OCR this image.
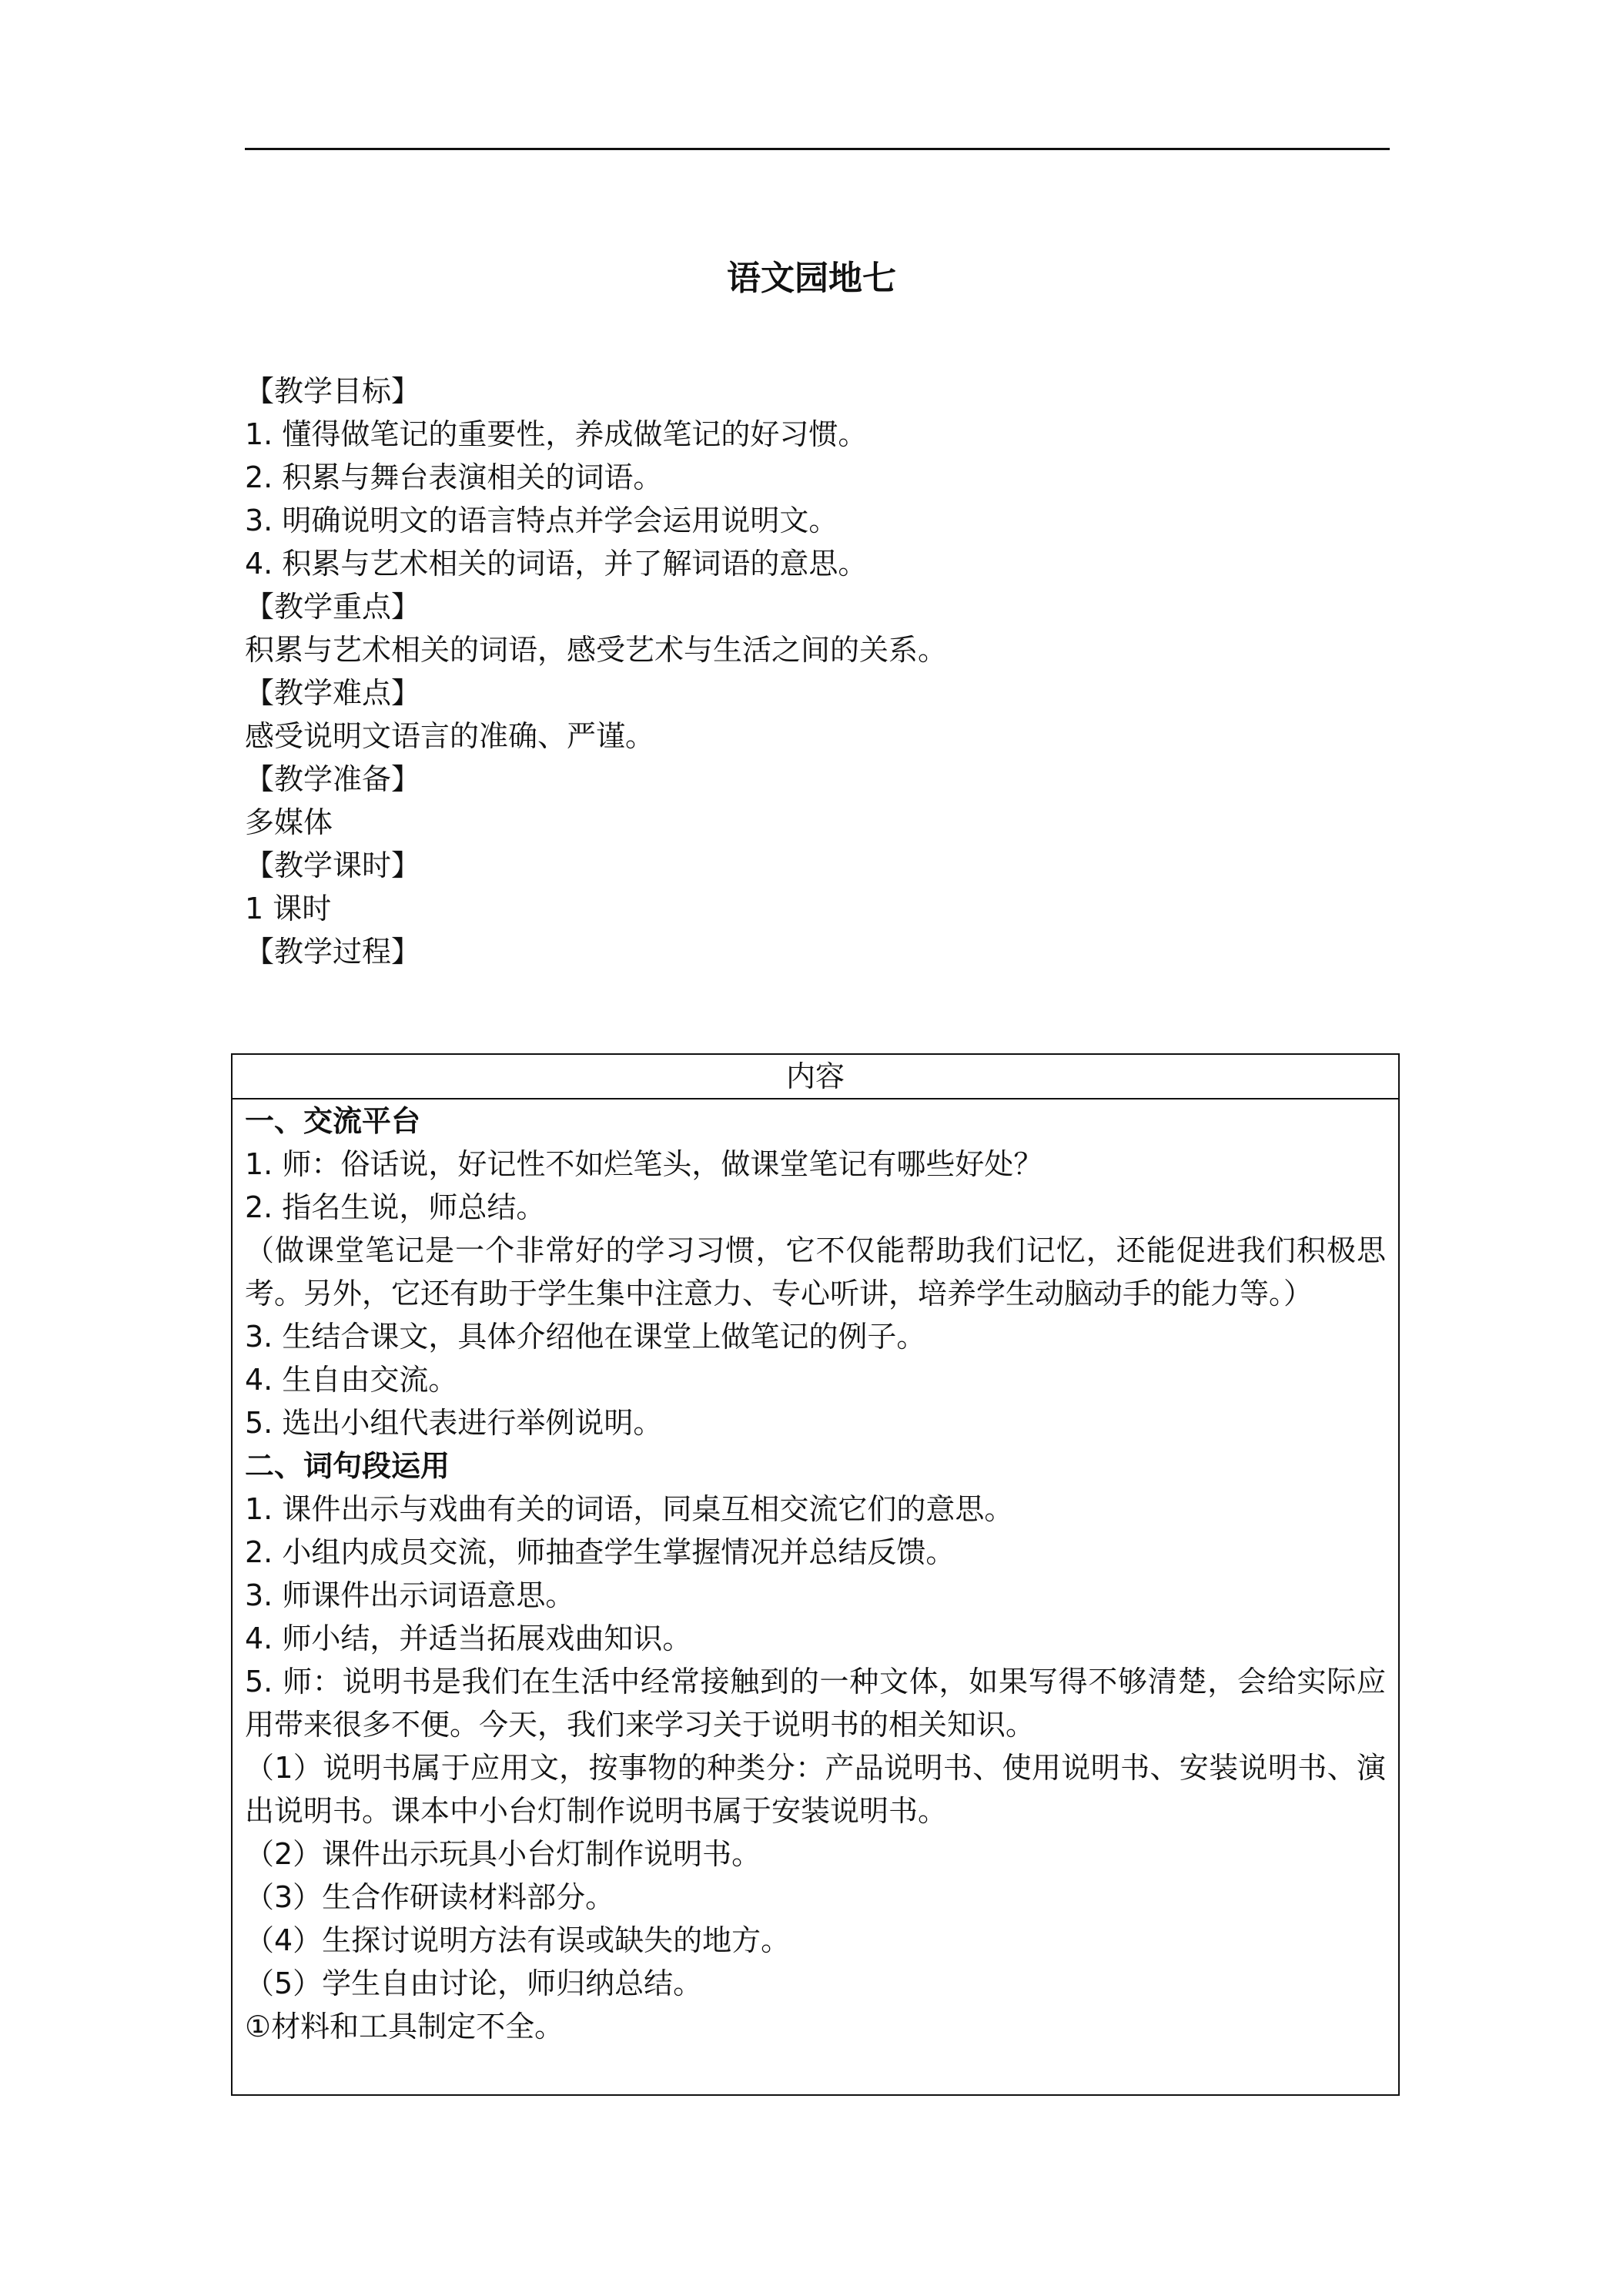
语文园地七
【教学目标】
1. 懂得做笔记的重要性，养成做笔记的好习惯。
2. 积累与舞台表演相关的词语。
3. 明确说明文的语言特点并学会运用说明文。
4. 积累与艺术相关的词语，并了解词语的意思。
【教学重点】
积累与艺术相关的词语，感受艺术与生活之间的关系。
【教学难点】
感受说明文语言的准确、严谨。
【教学准备】
多媒体
【教学课时】
1 课时
【教学过程】
内容
一、交流平台
1. 师：俗话说，好记性不如烂笔头，做课堂笔记有哪些好处？
2. 指名生说，师总结。
（做课堂笔记是一个非常好的学习习惯，它不仅能帮助我们记忆，还能促进我们积极思考。另外，它还有助于学生集中注意力、专心听讲，培养学生动脑动手的能力等。）
3. 生结合课文，具体介绍他在课堂上做笔记的例子。
4. 生自由交流。
5. 选出小组代表进行举例说明。
二、词句段运用
1. 课件出示与戏曲有关的词语，同桌互相交流它们的意思。
2. 小组内成员交流，师抽查学生掌握情况并总结反馈。
3. 师课件出示词语意思。
4. 师小结，并适当拓展戏曲知识。
5. 师：说明书是我们在生活中经常接触到的一种文体，如果写得不够清楚，会给实际应用带来很多不便。今天，我们来学习关于说明书的相关知识。
（1）说明书属于应用文，按事物的种类分：产品说明书、使用说明书、安装说明书、演出说明书。课本中小台灯制作说明书属于安装说明书。
（2）课件出示玩具小台灯制作说明书。
（3）生合作研读材料部分。
（4）生探讨说明方法有误或缺失的地方。
（5）学生自由讨论，师归纳总结。
①材料和工具制定不全。
